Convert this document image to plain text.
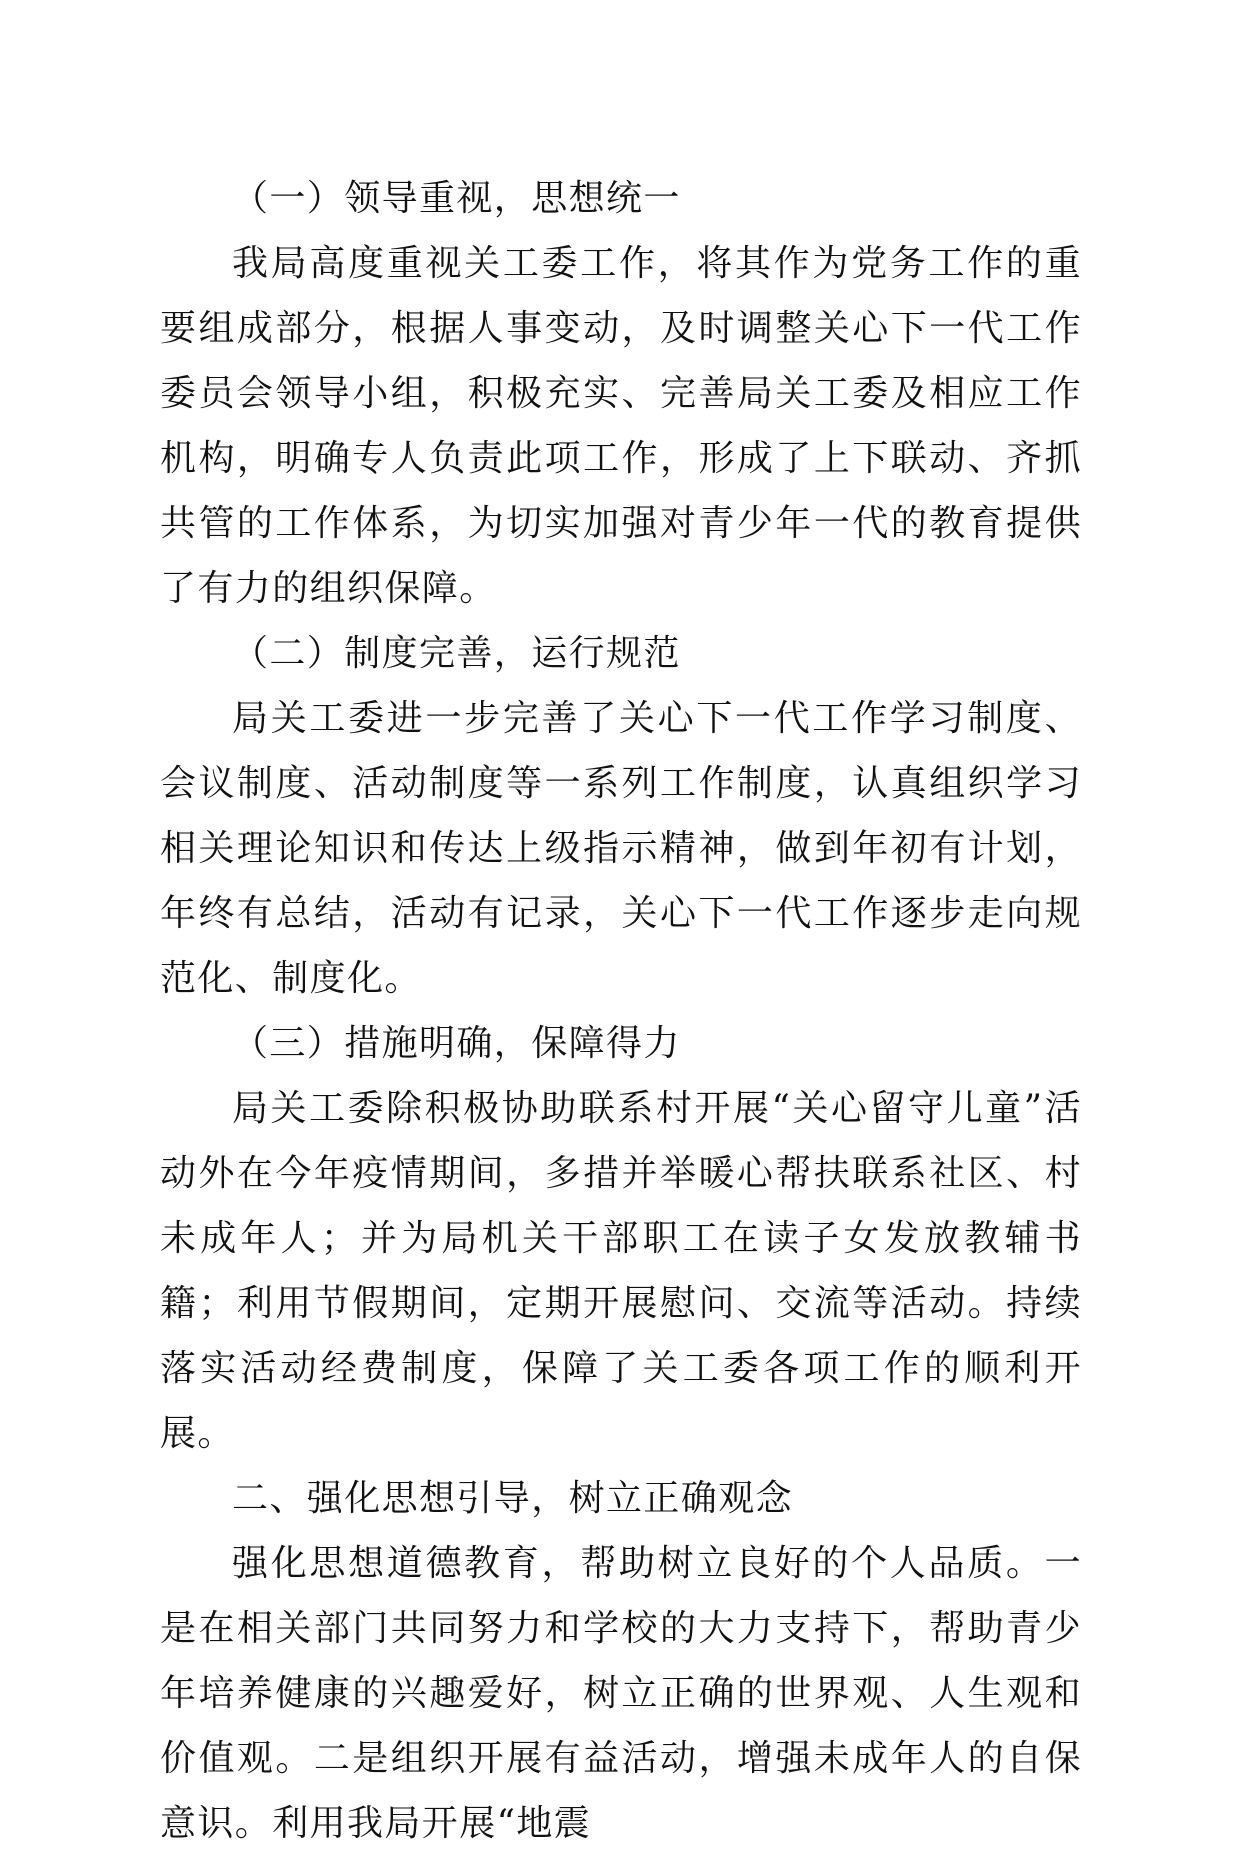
（一）领导重视，思想统一

我局高度重视关工委工作，将其作为党务工作的重要组成部分，根据人事变动，及时调整关心下一代工作委员会领导小组，积极充实、完善局关工委及相应工作机构，明确专人负责此项工作，形成了上下联动、齐抓共管的工作体系，为切实加强对青少年一代的教育提供了有力的组织保障。

（二）制度完善，运行规范

局关工委进一步完善了关心下一代工作学习制度、会议制度、活动制度等一系列工作制度，认真组织学习相关理论知识和传达上级指示精神，做到年初有计划，年终有总结，活动有记录，关心下一代工作逐步走向规范化、制度化。

（三）措施明确，保障得力

局关工委除积极协助联系村开展“关心留守儿童”活动外在今年疫情期间，多措并举暖心帮扶联系社区、村未成年人；并为局机关干部职工在读子女发放教辅书籍；利用节假期间，定期开展慰问、交流等活动。持续落实活动经费制度，保障了关工委各项工作的顺利开展。

二、强化思想引导，树立正确观念

强化思想道德教育，帮助树立良好的个人品质。一是在相关部门共同努力和学校的大力支持下，帮助青少年培养健康的兴趣爱好，树立正确的世界观、人生观和价值观。二是组织开展有益活动，增强未成年人的自保意识。利用我局开展“地震
